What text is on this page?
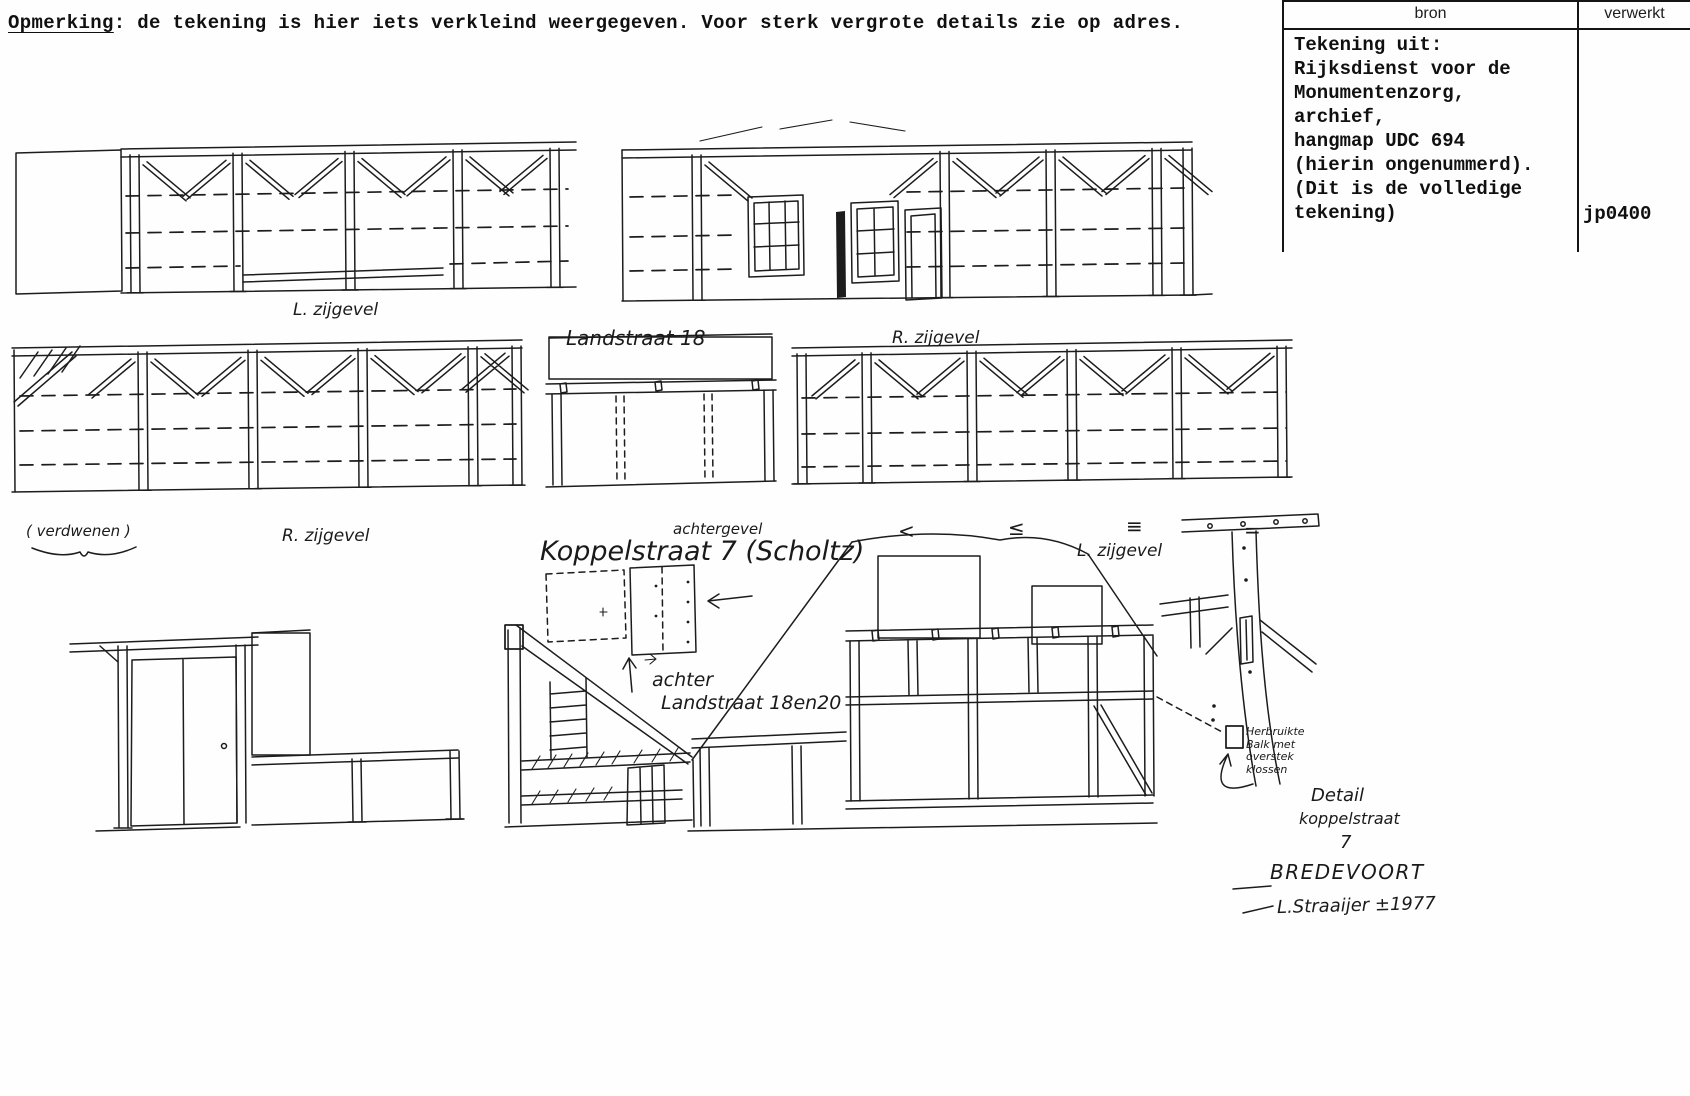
Opmerking: de tekening is hier iets verkleind weergegeven. Voor sterk vergrote details zie op adres.	bron	verwerkt
Tekening uit:
Rijksdienst voor de
Monumentenzorg,
archief,
hangmap UDC 694
(hierin ongenummerd).
(Dit is de volledige
tekening)	jp0400
L. zijgevel
Landstraat 18	R. zijgevel
( verdwenen )	R. zijgevel	achtergevel
Koppelstraat 7 (Scholtz)	L. zijgevel
<	≤	≡	=
achter
Landstraat 18en20
Herbruikte
Balk met
overstek
klossen
Detail
koppelstraat
7
BREDEVOORT
L.Straaijer ±1977
